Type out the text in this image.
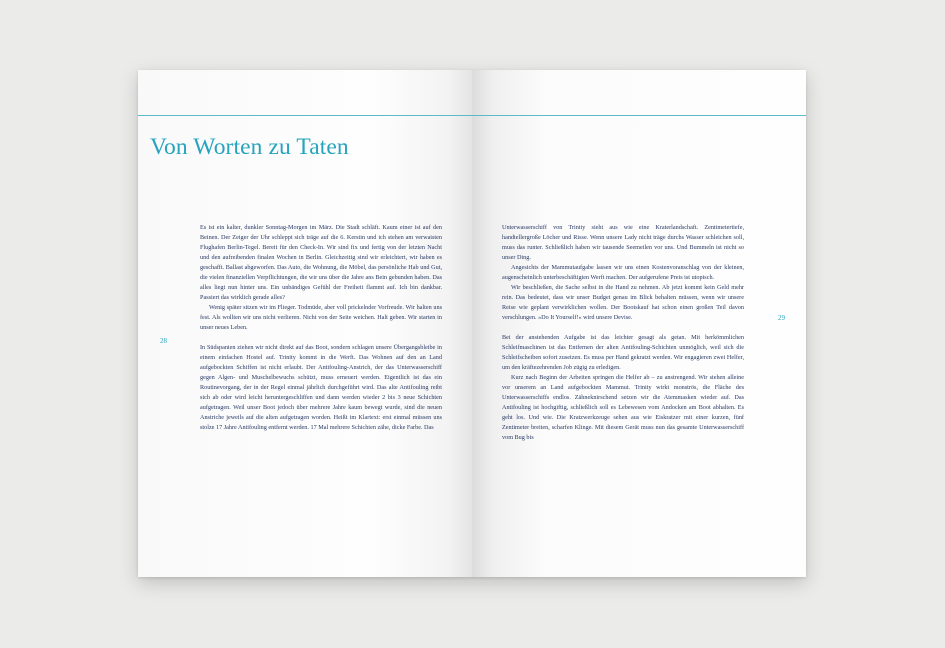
Von Worten zu Taten
28

Es ist ein kalter, dunkler Sonntag-Morgen im März. Die Stadt schläft. Kaum einer ist auf den Beinen. Der Zeiger der Uhr schleppt sich träge auf die 6. Kerstin und ich stehen am verwaisten Flughafen Berlin-Tegel. Bereit für den Check-In. Wir sind fix und fertig von der letzten Nacht und den aufreibenden finalen Wochen in Berlin. Gleichzeitig sind wir erleichtert, wir haben es geschafft. Ballast abgeworfen. Das Auto, die Wohnung, die Möbel, das persönliche Hab und Gut, die vielen finanziellen Verpflichtungen, die wir uns über die Jahre ans Bein gebunden haben. Das alles liegt nun hinter uns. Ein unbändiges Gefühl der Freiheit flammt auf. Ich bin dankbar. Passiert das wirklich gerade alles?

Wenig später sitzen wir im Flieger. Todmüde, aber voll prickelnder Vorfreude. Wir halten uns fest. Als wollten wir uns nicht verlieren. Nicht von der Seite weichen. Halt geben. Wir starten in unser neues Leben.

In Südspanien ziehen wir nicht direkt auf das Boot, sondern schlagen unsere Übergangsbleibe in einem einfachen Hostel auf. Trinity kommt in die Werft. Das Wohnen auf den an Land aufgebockten Schiffen ist nicht erlaubt. Der Antifouling-Anstrich, der das Unterwasserschiff gegen Algen- und Muschelbewuchs schützt, muss erneuert werden. Eigentlich ist das ein Routinevorgang, der in der Regel einmal jährlich durchgeführt wird. Das alte Antifouling reibt sich ab oder wird leicht heruntergeschliffen und dann werden wieder 2 bis 3 neue Schichten aufgetragen. Weil unser Boot jedoch über mehrere Jahre kaum bewegt wurde, sind die neuen Anstriche jeweils auf die alten aufgetragen worden. Heißt im Klartext: erst einmal müssen uns stolze 17 Jahre Antifouling entfernt werden. 17 Mal mehrere Schichten zähe, dicke Farbe. Das

29

Unterwasserschiff von Trinity sieht aus wie eine Kraterlandschaft. Zentimetertiefe, handtellergroße Löcher und Risse. Wenn unsere Lady nicht träge durchs Wasser schleichen soll, muss das runter. Schließlich haben wir tausende Seemeilen vor uns. Und Bummeln ist nicht so unser Ding.

Angesichts der Mammutaufgabe lassen wir uns einen Kostenvoranschlag von der kleinen, augenscheinlich unterbeschäftigten Werft machen. Der aufgerufene Preis ist utopisch.

Wir beschließen, die Sache selbst in die Hand zu nehmen. Ab jetzt kommt kein Geld mehr rein. Das bedeutet, dass wir unser Budget genau im Blick behalten müssen, wenn wir unsere Reise wie geplant verwirklichen wollen. Der Bootskauf hat schon einen großen Teil davon verschlungen. »Do It Yourself!« wird unsere Devise.

Bei der anstehenden Aufgabe ist das leichter gesagt als getan. Mit herkömmlichen Schleifmaschinen ist das Entfernen der alten Antifouling-Schichten unmöglich, weil sich die Schleifscheiben sofort zusetzen. Es muss per Hand gekratzt werden. Wir engagieren zwei Helfer, um den kräftezehrenden Job zügig zu erledigen.

Kurz nach Beginn der Arbeiten springen die Helfer ab – zu anstrengend. Wir stehen alleine vor unserem an Land aufgebockten Mammut. Trinity wirkt monströs, die Fläche des Unterwasserschiffs endlos. Zähneknirschend setzen wir die Atemmasken wieder auf. Das Antifouling ist hochgiftig, schließlich soll es Lebewesen vom Andocken am Boot abhalten. Es geht los. Und wie. Die Kratzwerkzeuge sehen aus wie Eiskratzer mit einer kurzen, fünf Zentimeter breiten, scharfen Klinge. Mit diesem Gerät muss nun das gesamte Unterwasserschiff vom Bug bis
